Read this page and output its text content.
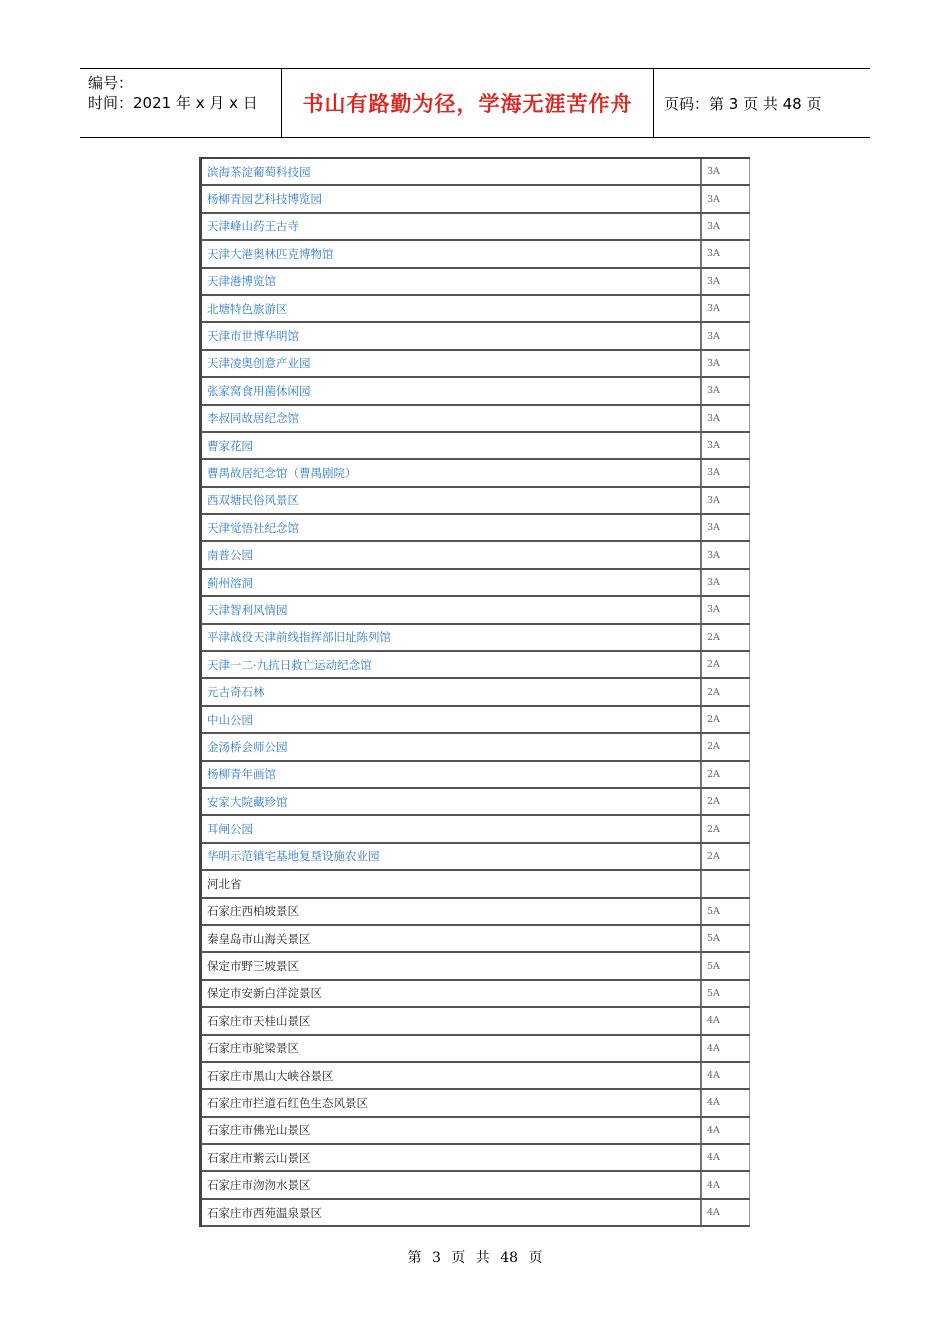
编号：
时间：2021 年 x 月 x 日	书山有路勤为径，学海无涯苦作舟	页码：第 3 页 共 48 页
滨海茶淀葡萄科技园	3A
杨柳青园艺科技博览园	3A
天津峰山药王古寺	3A
天津大港奥林匹克博物馆	3A
天津港博览馆	3A
北塘特色旅游区	3A
天津市世博华明馆	3A
天津凌奥创意产业园	3A
张家窝食用菌休闲园	3A
李叔同故居纪念馆	3A
曹家花园	3A
曹禺故居纪念馆（曹禺剧院）	3A
西双塘民俗风景区	3A
天津觉悟社纪念馆	3A
南普公园	3A
蓟州溶洞	3A
天津智利风情园	3A
平津战役天津前线指挥部旧址陈列馆	2A
天津一二·九抗日救亡运动纪念馆	2A
元古奇石林	2A
中山公园	2A
金汤桥会师公园	2A
杨柳青年画馆	2A
安家大院藏珍馆	2A
耳闸公园	2A
华明示范镇宅基地复垦设施农业园	2A
河北省
石家庄西柏坡景区	5A
秦皇岛市山海关景区	5A
保定市野三坡景区	5A
保定市安新白洋淀景区	5A
石家庄市天桂山景区	4A
石家庄市驼梁景区	4A
石家庄市黑山大峡谷景区	4A
石家庄市拦道石红色生态风景区	4A
石家庄市佛光山景区	4A
石家庄市紫云山景区	4A
石家庄市沕沕水景区	4A
石家庄市西苑温泉景区	4A
第 3 页 共 48 页
